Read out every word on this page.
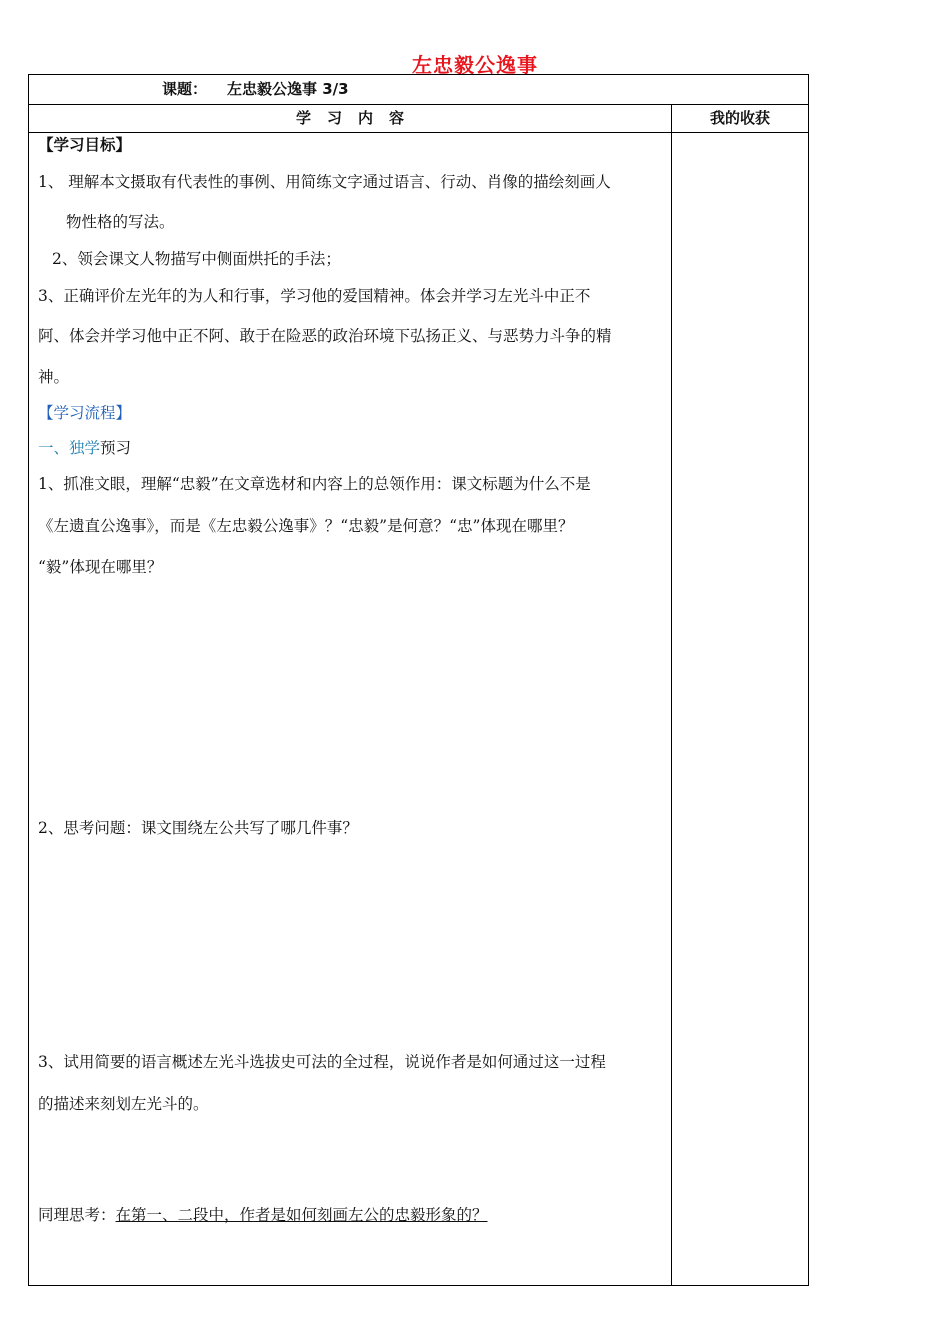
左忠毅公逸事
课题： 左忠毅公逸事 3/3
学习内容	我的收获
【学习目标】
1、 理解本文摄取有代表性的事例、用简练文字通过语言、行动、肖像的描绘刻画人
物性格的写法。
2、领会课文人物描写中侧面烘托的手法；
3、正确评价左光年的为人和行事，学习他的爱国精神。体会并学习左光斗中正不
阿、体会并学习他中正不阿、敢于在险恶的政治环境下弘扬正义、与恶势力斗争的精
神。
【学习流程】
一、独学预习
1、抓准文眼，理解“忠毅”在文章选材和内容上的总领作用：课文标题为什么不是
《左遗直公逸事》，而是《左忠毅公逸事》？“忠毅”是何意？“忠”体现在哪里？
“毅”体现在哪里？
2、思考问题：课文围绕左公共写了哪几件事？
3、试用简要的语言概述左光斗选拔史可法的全过程，说说作者是如何通过这一过程
的描述来刻划左光斗的。
同理思考：在第一、二段中，作者是如何刻画左公的忠毅形象的？
